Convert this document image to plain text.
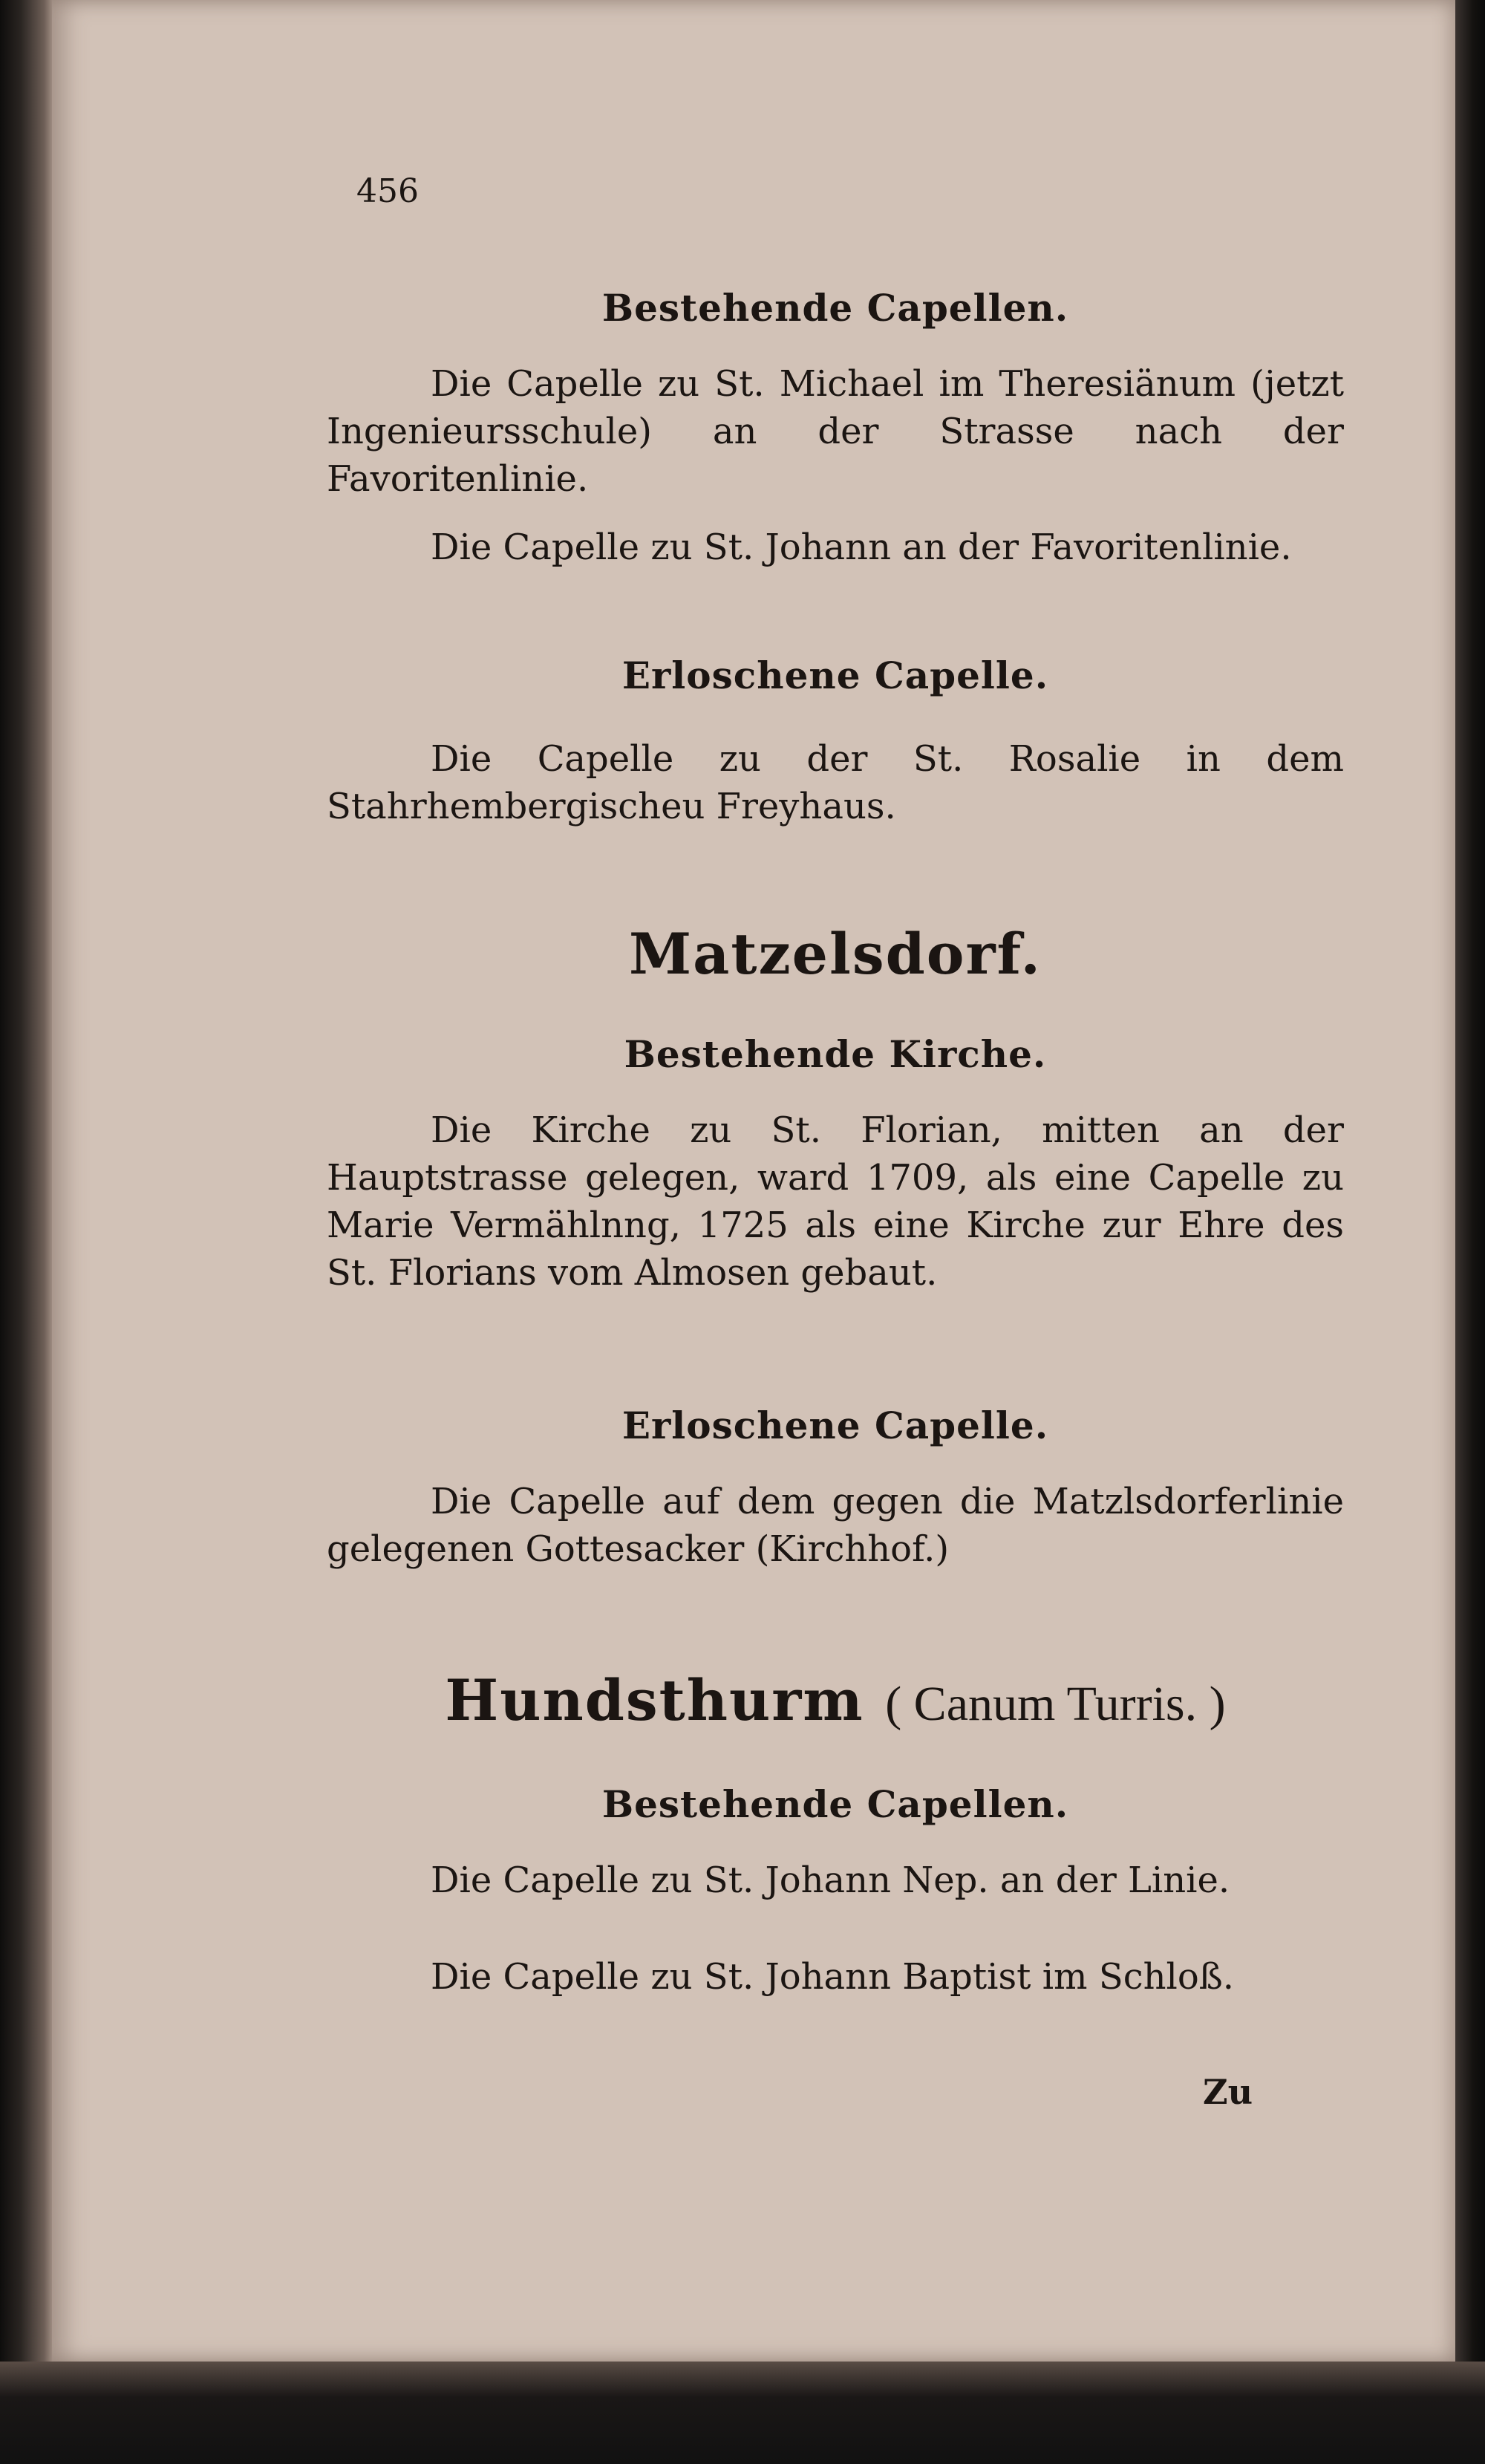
456
Bestehende Capellen.

Die Capelle zu St. Michael im Theresiänum (jetzt Ingenieursschule) an der Strasse nach der Favoritenlinie.

Die Capelle zu St. Johann an der Favoritenlinie.

Erloschene Capelle.

Die Capelle zu der St. Rosalie in dem Stahrhembergischeu Freyhaus.

Matzelsdorf.
Bestehende Kirche.

Die Kirche zu St. Florian, mitten an der Hauptstrasse gelegen, ward 1709, als eine Capelle zu Marie Vermählnng, 1725 als eine Kirche zur Ehre des St. Florians vom Almosen gebaut.

Erloschene Capelle.

Die Capelle auf dem gegen die Matzlsdorferlinie gelegenen Gottesacker (Kirchhof.)

Hundsthurm ( Canum Turris. )
Bestehende Capellen.

Die Capelle zu St. Johann Nep. an der Linie.

Die Capelle zu St. Johann Baptist im Schloß.

Zu
